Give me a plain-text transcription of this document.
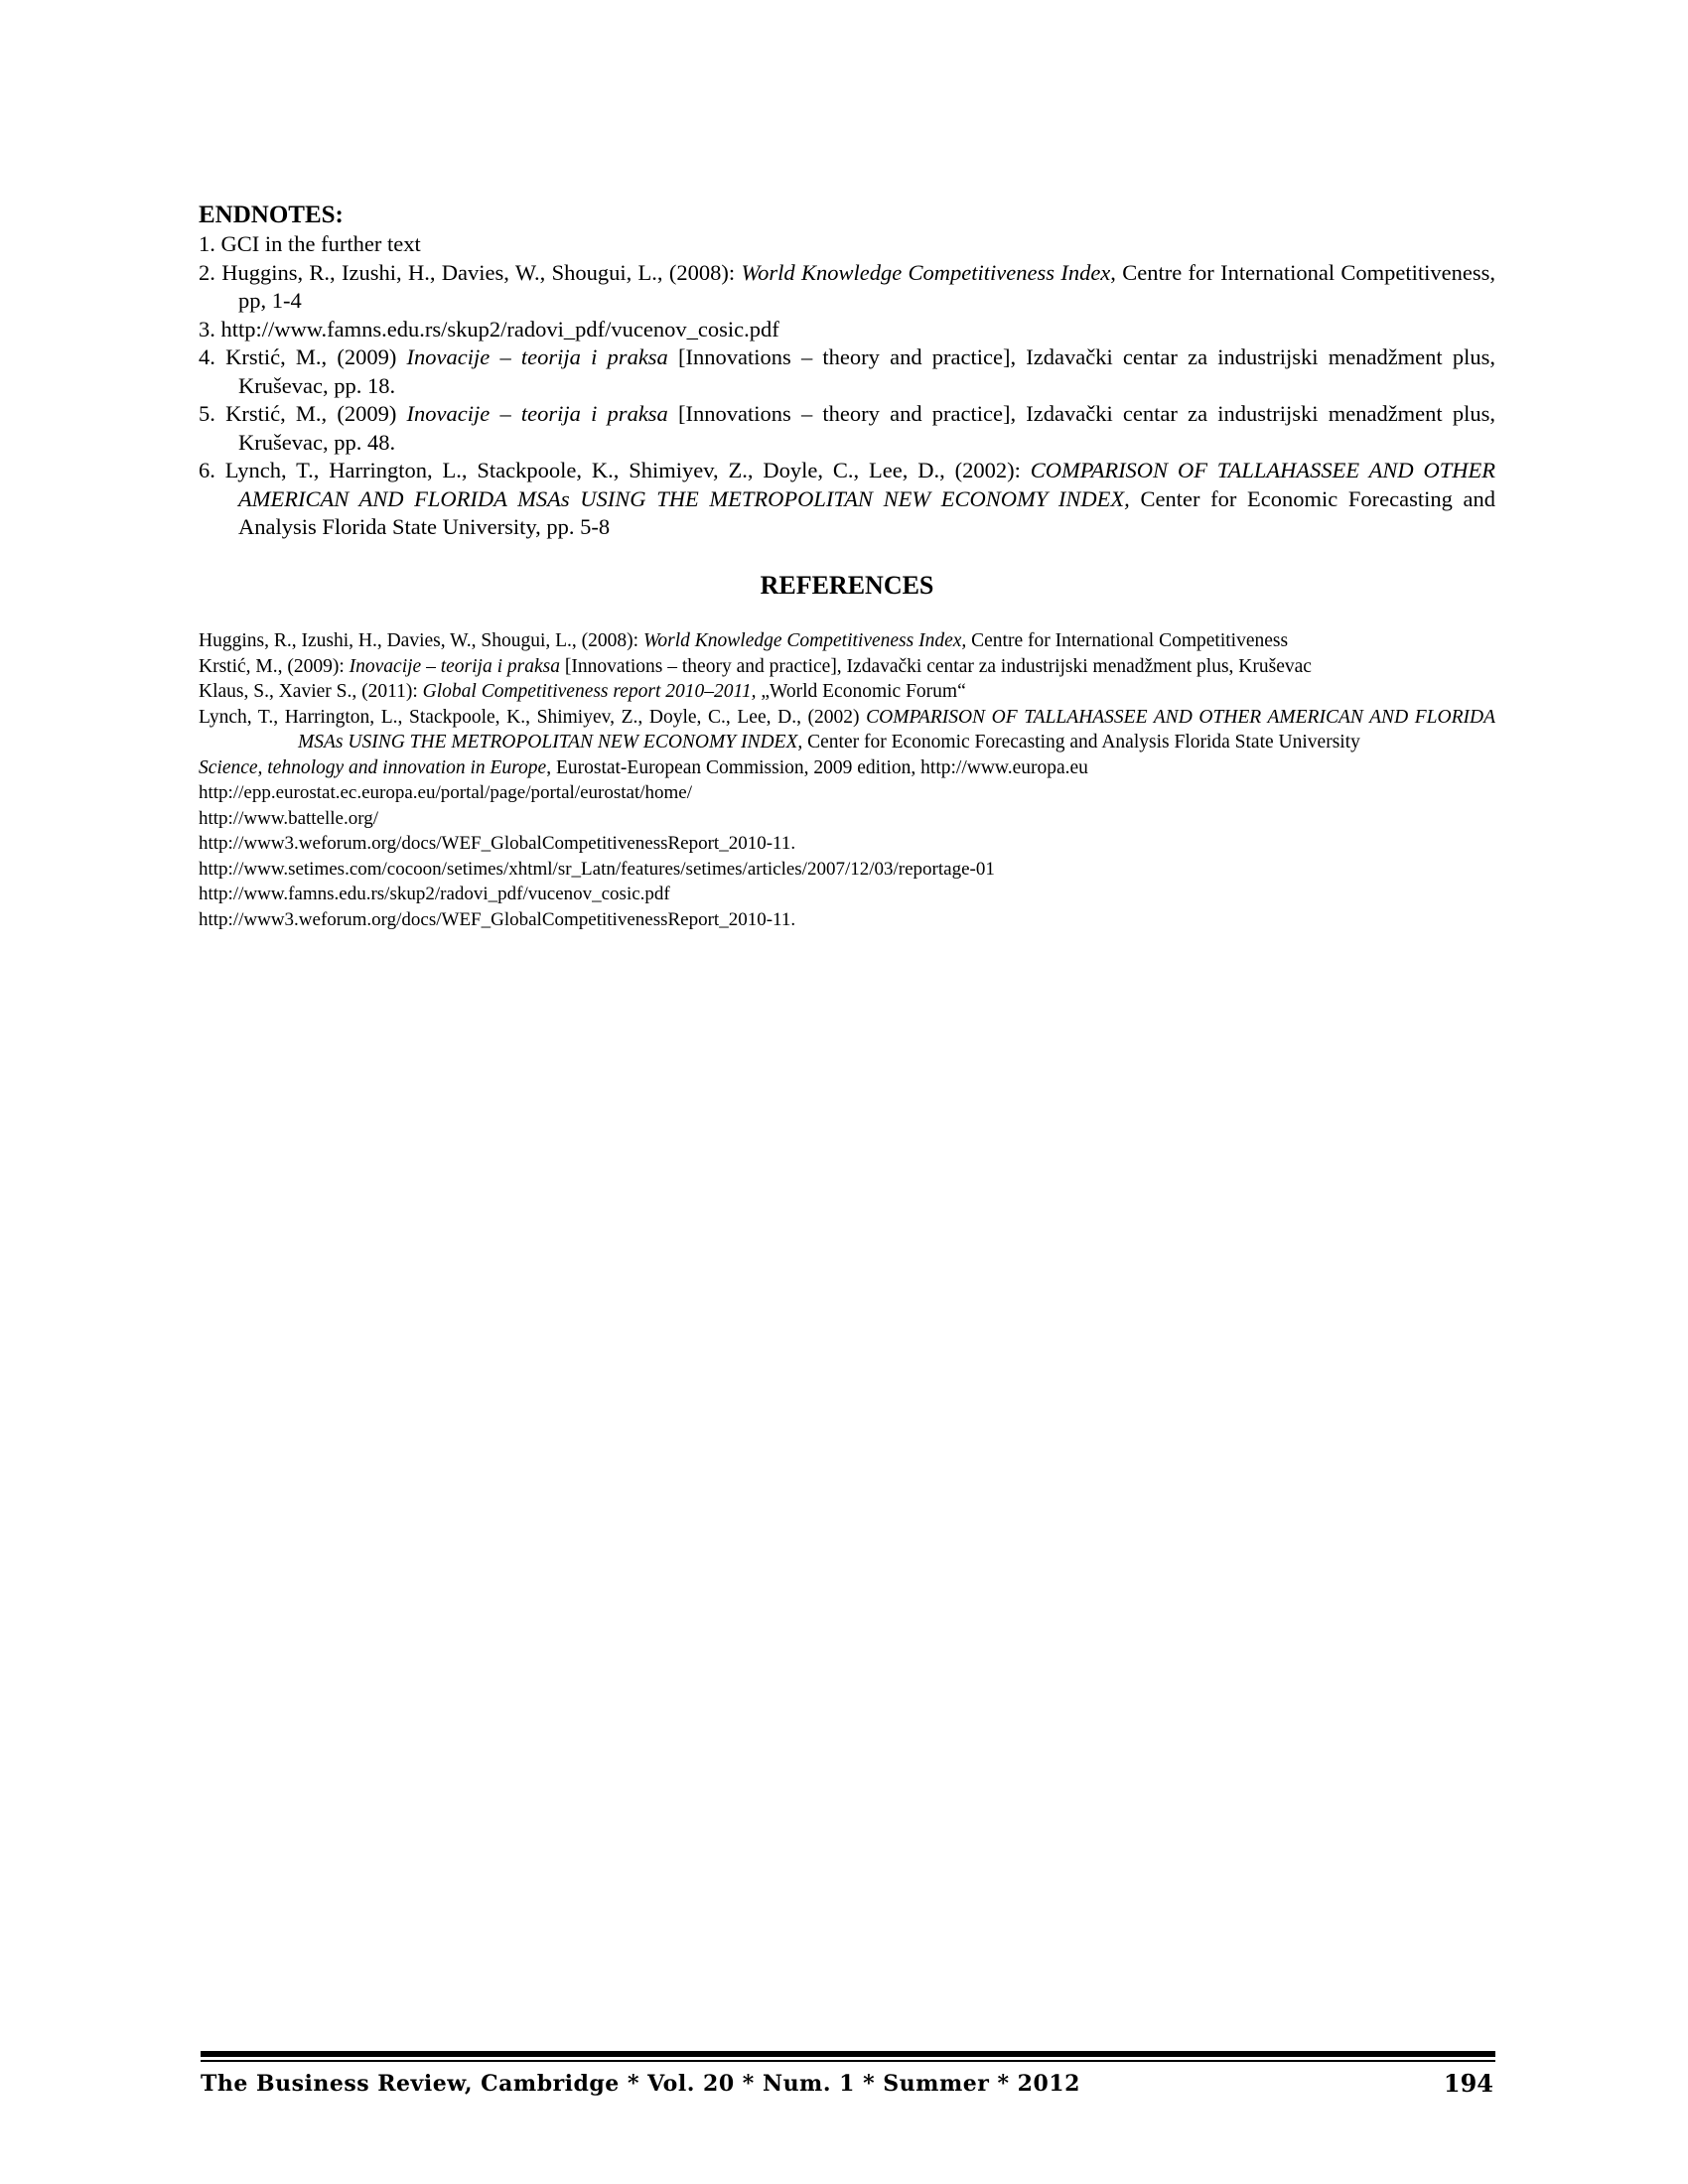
ENDNOTES:

1. GCI in the further text

2. Huggins, R., Izushi, H., Davies, W., Shougui, L., (2008): World Knowledge Competitiveness Index, Centre for International Competitiveness, pp, 1-4

3. http://www.famns.edu.rs/skup2/radovi_pdf/vucenov_cosic.pdf

4. Krstić, M., (2009) Inovacije – teorija i praksa [Innovations – theory and practice], Izdavački centar za industrijski menadžment plus, Kruševac, pp. 18.

5. Krstić, M., (2009) Inovacije – teorija i praksa [Innovations – theory and practice], Izdavački centar za industrijski menadžment plus, Kruševac, pp. 48.

6. Lynch, T., Harrington, L., Stackpoole, K., Shimiyev, Z., Doyle, C., Lee, D., (2002): COMPARISON OF TALLAHASSEE AND OTHER AMERICAN AND FLORIDA MSAs USING THE METROPOLITAN NEW ECONOMY INDEX, Center for Economic Forecasting and Analysis Florida State University, pp. 5-8

REFERENCES

Huggins, R., Izushi, H., Davies, W., Shougui, L., (2008): World Knowledge Competitiveness Index, Centre for International Competitiveness

Krstić, M., (2009): Inovacije – teorija i praksa [Innovations – theory and practice], Izdavački centar za industrijski menadžment plus, Kruševac

Klaus, S., Xavier S., (2011): Global Competitiveness report 2010–2011, „World Economic Forum“

Lynch, T., Harrington, L., Stackpoole, K., Shimiyev, Z., Doyle, C., Lee, D., (2002) COMPARISON OF TALLAHASSEE AND OTHER AMERICAN AND FLORIDA MSAs USING THE METROPOLITAN NEW ECONOMY INDEX, Center for Economic Forecasting and Analysis Florida State University

Science, tehnology and innovation in Europe, Eurostat-European Commission, 2009 edition, http://www.europa.eu

http://epp.eurostat.ec.europa.eu/portal/page/portal/eurostat/home/

http://www.battelle.org/

http://www3.weforum.org/docs/WEF_GlobalCompetitivenessReport_2010-11.

http://www.setimes.com/cocoon/setimes/xhtml/sr_Latn/features/setimes/articles/2007/12/03/reportage-01

http://www.famns.edu.rs/skup2/radovi_pdf/vucenov_cosic.pdf

http://www3.weforum.org/docs/WEF_GlobalCompetitivenessReport_2010-11.

The Business Review, Cambridge * Vol. 20 * Num. 1 * Summer * 2012	194
